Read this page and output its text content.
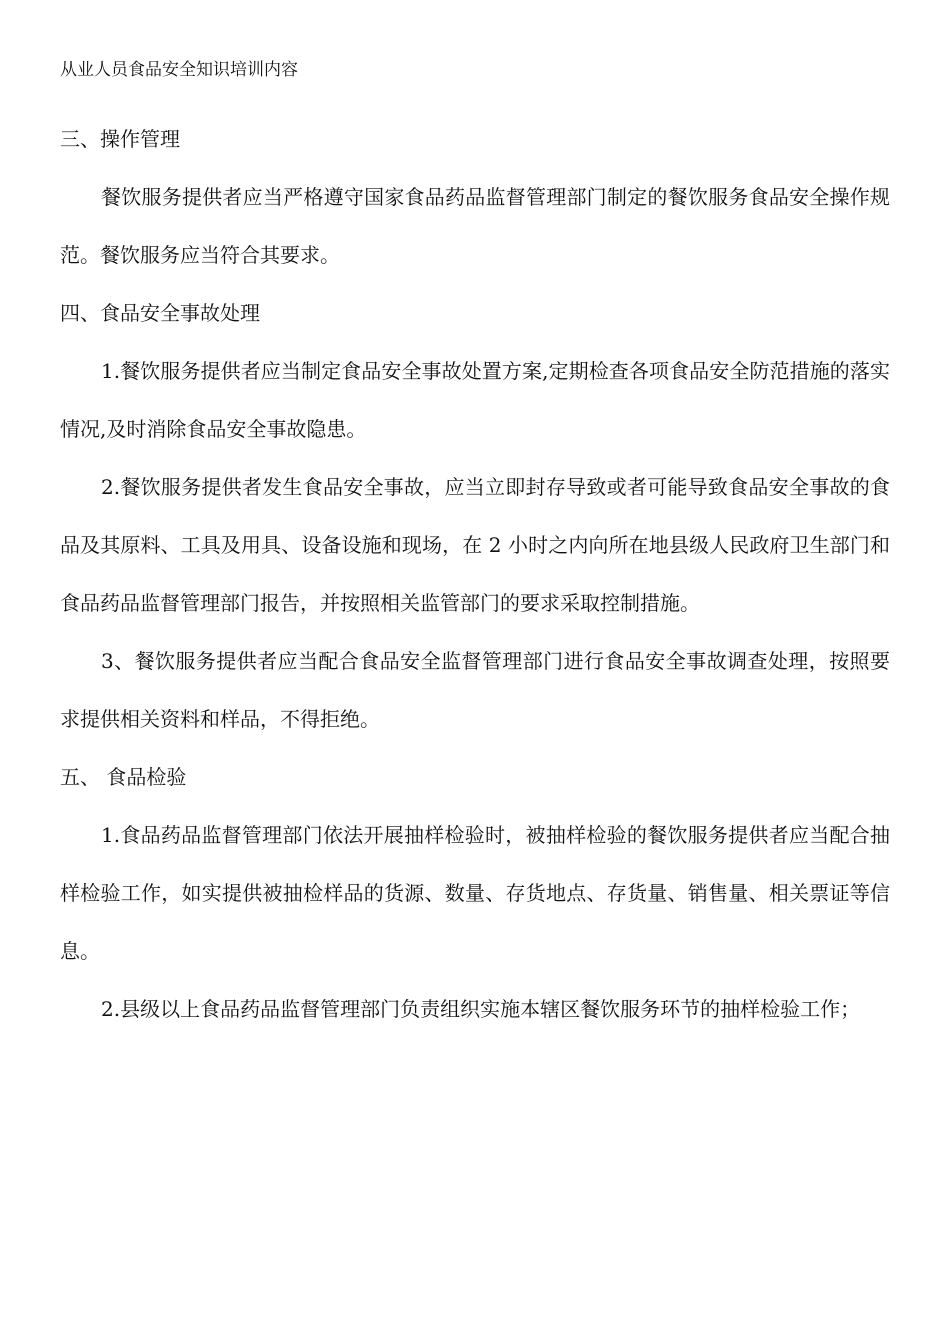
从业人员食品安全知识培训内容

三、操作管理

餐饮服务提供者应当严格遵守国家食品药品监督管理部门制定的餐饮服务食品安全操作规范。餐饮服务应当符合其要求。

四、食品安全事故处理

1.餐饮服务提供者应当制定食品安全事故处置方案,定期检查各项食品安全防范措施的落实情况,及时消除食品安全事故隐患。

2.餐饮服务提供者发生食品安全事故，应当立即封存导致或者可能导致食品安全事故的食品及其原料、工具及用具、设备设施和现场，在 2 小时之内向所在地县级人民政府卫生部门和食品药品监督管理部门报告，并按照相关监管部门的要求采取控制措施。

3、餐饮服务提供者应当配合食品安全监督管理部门进行食品安全事故调查处理，按照要求提供相关资料和样品，不得拒绝。

五、 食品检验

1.食品药品监督管理部门依法开展抽样检验时，被抽样检验的餐饮服务提供者应当配合抽样检验工作，如实提供被抽检样品的货源、数量、存货地点、存货量、销售量、相关票证等信息。

2.县级以上食品药品监督管理部门负责组织实施本辖区餐饮服务环节的抽样检验工作；
